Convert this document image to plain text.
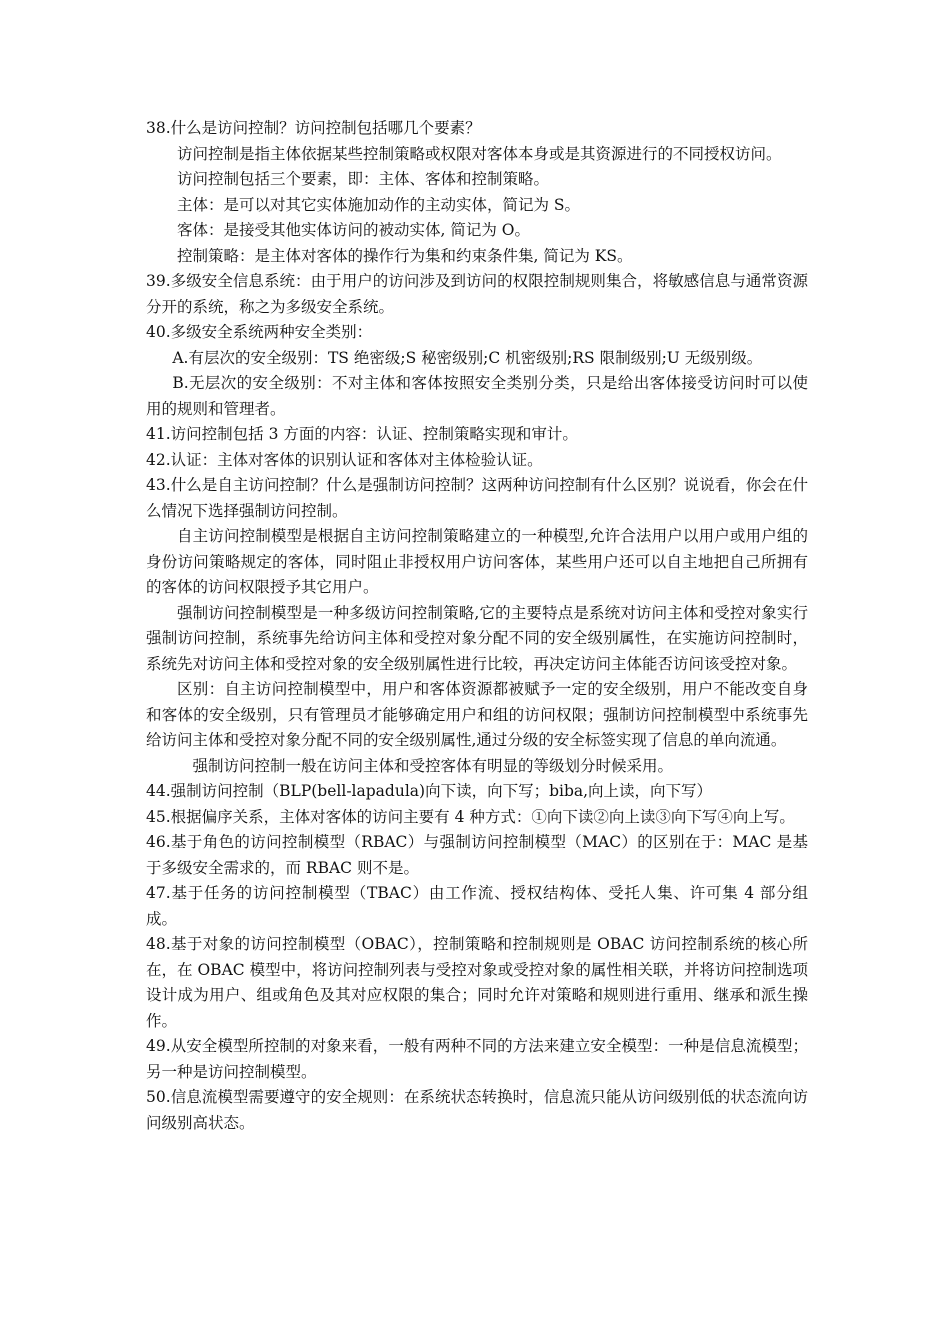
38.什么是访问控制？访问控制包括哪几个要素？

访问控制是指主体依据某些控制策略或权限对客体本身或是其资源进行的不同授权访问。

访问控制包括三个要素，即：主体、客体和控制策略。

主体：是可以对其它实体施加动作的主动实体，简记为 S。

客体：是接受其他实体访问的被动实体, 简记为 O。

控制策略：是主体对客体的操作行为集和约束条件集, 简记为 KS。

39.多级安全信息系统：由于用户的访问涉及到访问的权限控制规则集合，将敏感信息与通常资源分开的系统，称之为多级安全系统。

40.多级安全系统两种安全类别：

A.有层次的安全级别：TS 绝密级;S 秘密级别;C 机密级别;RS 限制级别;U 无级别级。

B.无层次的安全级别：不对主体和客体按照安全类别分类，只是给出客体接受访问时可以使用的规则和管理者。

41.访问控制包括 3 方面的内容：认证、控制策略实现和审计。

42.认证：主体对客体的识别认证和客体对主体检验认证。

43.什么是自主访问控制？什么是强制访问控制？这两种访问控制有什么区别？说说看，你会在什么情况下选择强制访问控制。

自主访问控制模型是根据自主访问控制策略建立的一种模型,允许合法用户以用户或用户组的身份访问策略规定的客体，同时阻止非授权用户访问客体，某些用户还可以自主地把自己所拥有的客体的访问权限授予其它用户。

强制访问控制模型是一种多级访问控制策略,它的主要特点是系统对访问主体和受控对象实行强制访问控制，系统事先给访问主体和受控对象分配不同的安全级别属性，在实施访问控制时，系统先对访问主体和受控对象的安全级别属性进行比较，再决定访问主体能否访问该受控对象。

区别：自主访问控制模型中，用户和客体资源都被赋予一定的安全级别，用户不能改变自身和客体的安全级别，只有管理员才能够确定用户和组的访问权限；强制访问控制模型中系统事先给访问主体和受控对象分配不同的安全级别属性,通过分级的安全标签实现了信息的单向流通。

强制访问控制一般在访问主体和受控客体有明显的等级划分时候采用。

44.强制访问控制（BLP(bell-lapadula)向下读，向下写；biba,向上读，向下写）

45.根据偏序关系，主体对客体的访问主要有 4 种方式：①向下读②向上读③向下写④向上写。

46.基于角色的访问控制模型（RBAC）与强制访问控制模型（MAC）的区别在于：MAC 是基于多级安全需求的，而 RBAC 则不是。

47.基于任务的访问控制模型（TBAC）由工作流、授权结构体、受托人集、许可集 4 部分组成。

48.基于对象的访问控制模型（OBAC），控制策略和控制规则是 OBAC 访问控制系统的核心所在，在 OBAC 模型中，将访问控制列表与受控对象或受控对象的属性相关联，并将访问控制选项设计成为用户、组或角色及其对应权限的集合；同时允许对策略和规则进行重用、继承和派生操作。

49.从安全模型所控制的对象来看，一般有两种不同的方法来建立安全模型：一种是信息流模型；另一种是访问控制模型。

50.信息流模型需要遵守的安全规则：在系统状态转换时，信息流只能从访问级别低的状态流向访问级别高状态。
